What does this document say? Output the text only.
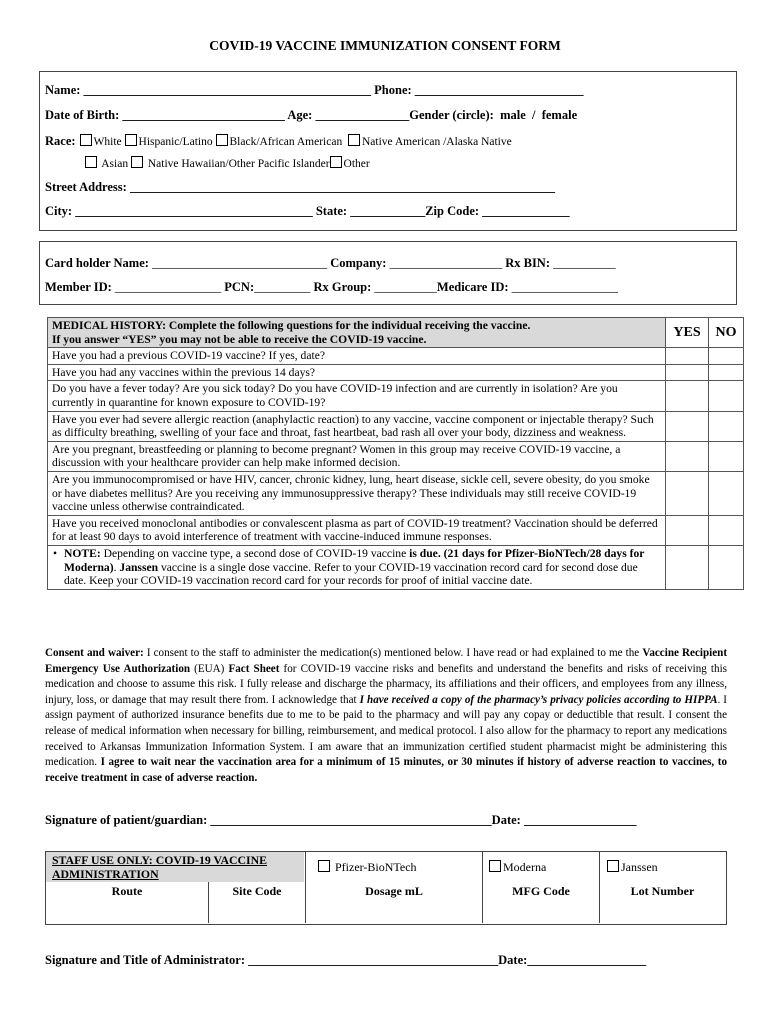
COVID-19 VACCINE IMMUNIZATION CONSENT FORM
Name: ______________________________________________ Phone: ___________________________
Date of Birth: __________________________ Age: _______________Gender (circle): male  /  female
Race: White Hispanic/Latino Black/African American Native American /Alaska Native
Asian Native Hawaiian/Other Pacific Islander Other
Street Address: ____________________________________________________________________
City: ______________________________________ State: ____________Zip Code: ______________
Card holder Name: ____________________________ Company: __________________ Rx BIN: __________
Member ID: _________________ PCN:_________ Rx Group: __________Medicare ID: _________________
MEDICAL HISTORY: Complete the following questions for the individual receiving the vaccine.
If you answer “YES” you may not be able to receive the COVID-19 vaccine.	YES	NO
Have you had a previous COVID-19 vaccine? If yes, date?		
Have you had any vaccines within the previous 14 days?		
Do you have a fever today? Are you sick today? Do you have COVID-19 infection and are currently in isolation? Are you currently in quarantine for known exposure to COVID-19?		
Have you ever had severe allergic reaction (anaphylactic reaction) to any vaccine, vaccine component or injectable therapy? Such as difficulty breathing, swelling of your face and throat, fast heartbeat, bad rash all over your body, dizziness and weakness.		
Are you pregnant, breastfeeding or planning to become pregnant? Women in this group may receive COVID-19 vaccine, a discussion with your healthcare provider can help make informed decision.		
Are you immunocompromised or have HIV, cancer, chronic kidney, lung, heart disease, sickle cell, severe obesity, do you smoke or have diabetes mellitus? Are you receiving any immunosuppressive therapy? These individuals may still receive COVID-19 vaccine unless otherwise contraindicated.		
Have you received monoclonal antibodies or convalescent plasma as part of COVID-19 treatment? Vaccination should be deferred for at least 90 days to avoid interference of treatment with vaccine-induced immune responses.		

• NOTE: Depending on vaccine type, a second dose of COVID-19 vaccine is due. (21 days for Pfizer-BioNTech/28 days for Moderna). Janssen vaccine is a single dose vaccine. Refer to your COVID-19 vaccination record card for second dose due date. Keep your COVID-19 vaccination record card for your records for proof of initial vaccine date.		
Consent and waiver: I consent to the staff to administer the medication(s) mentioned below. I have read or had explained to me the Vaccine Recipient Emergency Use Authorization (EUA) Fact Sheet for COVID-19 vaccine risks and benefits and understand the benefits and risks of receiving this medication and choose to assume this risk. I fully release and discharge the pharmacy, its affiliations and their officers, and employees from any illness, injury, loss, or damage that may result there from. I acknowledge that I have received a copy of the pharmacy’s privacy policies according to HIPPA. I assign payment of authorized insurance benefits due to me to be paid to the pharmacy and will pay any copay or deductible that result. I consent the release of medical information when necessary for billing, reimbursement, and medical protocol. I also allow for the pharmacy to report any medications received to Arkansas Immunization Information System. I am aware that an immunization certified student pharmacist might be administering this medication. I agree to wait near the vaccination area for a minimum of 15 minutes, or 30 minutes if history of adverse reaction to vaccines, to receive treatment in case of adverse reaction.
Signature of patient/guardian: _____________________________________________Date: __________________
STAFF USE ONLY: COVID-19 VACCINE ADMINISTRATION	Pfizer-BioNTech	Moderna	Janssen
Route	Site Code	Dosage mL	MFG Code	Lot Number
Signature and Title of Administrator: ________________________________________Date:___________________
